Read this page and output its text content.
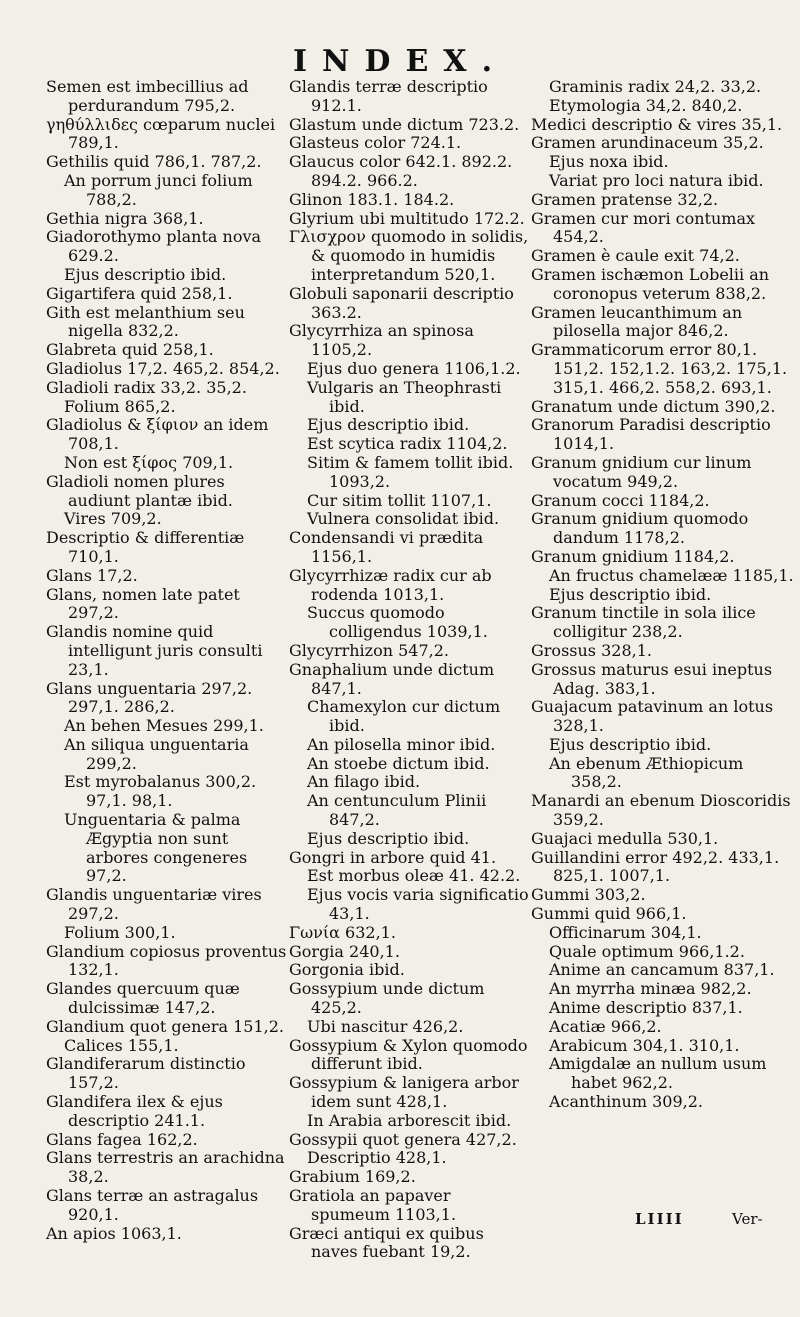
INDEX.
Semen est imbecillius ad perdurandum 795,2.
γηθύλλιδες cœparum nuclei 789,1.
Gethilis quid 786,1. 787,2.
An porrum junci folium 788,2.
Gethia nigra 368,1.
Giadorothymo planta nova 629.2.
Ejus descriptio ibid.
Gigartifera quid 258,1.
Gith est melanthium seu nigella 832,2.
Glabreta quid 258,1.
Gladiolus 17,2. 465,2. 854,2.
Gladioli radix 33,2. 35,2.
Folium 865,2.
Gladiolus & ξίφιον an idem 708,1.
Non est ξίφος 709,1.
Gladioli nomen plures audiunt plantæ ibid.
Vires 709,2.
Descriptio & differentiæ 710,1.
Glans 17,2.
Glans, nomen late patet 297,2.
Glandis nomine quid intelligunt juris consulti 23,1.
Glans unguentaria 297,2. 297,1. 286,2.
An behen Mesues 299,1.
An siliqua unguentaria 299,2.
Est myrobalanus 300,2. 97,1. 98,1.
Unguentaria & palma Ægyptia non sunt arbores congeneres 97,2.
Glandis unguentariæ vires 297,2.
Folium 300,1.
Glandium copiosus proventus 132,1.
Glandes quercuum quæ dulcissimæ 147,2.
Glandium quot genera 151,2.
Calices 155,1.
Glandiferarum distinctio 157,2.
Glandifera ilex & ejus descriptio 241.1.
Glans fagea 162,2.
Glans terrestris an arachidna 38,2.
Glans terræ an astragalus 920,1.
An apios 1063,1.
Glandis terræ descriptio 912.1.
Glastum unde dictum 723.2.
Glasteus color 724.1.
Glaucus color 642.1. 892.2. 894.2. 966.2.
Glinon 183.1. 184.2.
Glyrium ubi multitudo 172.2.
Γλισχρον quomodo in solidis, & quomodo in humidis interpretandum 520,1.
Globuli saponarii descriptio 363.2.
Glycyrrhiza an spinosa 1105,2.
Ejus duo genera 1106,1.2.
Vulgaris an Theophrasti ibid.
Ejus descriptio ibid.
Est scytica radix 1104,2.
Sitim & famem tollit ibid. 1093,2.
Cur sitim tollit 1107,1.
Vulnera consolidat ibid.
Condensandi vi prædita 1156,1.
Glycyrrhizæ radix cur ab rodenda 1013,1.
Succus quomodo colligendus 1039,1.
Glycyrrhizon 547,2.
Gnaphalium unde dictum 847,1.
Chamexylon cur dictum ibid.
An pilosella minor ibid.
An stoebe dictum ibid.
An filago ibid.
An centunculum Plinii 847,2.
Ejus descriptio ibid.
Gongri in arbore quid 41.
Est morbus oleæ 41. 42.2.
Ejus vocis varia significatio 43,1.
Γωνία 632,1.
Gorgia 240,1.
Gorgonia ibid.
Gossypium unde dictum 425,2.
Ubi nascitur 426,2.
Gossypium & Xylon quomodo differunt ibid.
Gossypium & lanigera arbor idem sunt 428,1.
In Arabia arborescit ibid.
Gossypii quot genera 427,2.
Descriptio 428,1.
Grabium 169,2.
Gratiola an papaver spumeum 1103,1.
Græci antiqui ex quibus naves fuebant 19,2.
Graminis radix 24,2. 33,2.
Etymologia 34,2. 840,2.
Medici descriptio & vires 35,1.
Gramen arundinaceum 35,2.
Ejus noxa ibid.
Variat pro loci natura ibid.
Gramen pratense 32,2.
Gramen cur mori contumax 454,2.
Gramen è caule exit 74,2.
Gramen ischæmon Lobelii an coronopus veterum 838,2.
Gramen leucanthimum an pilosella major 846,2.
Grammaticorum error 80,1. 151,2. 152,1.2. 163,2. 175,1. 315,1. 466,2. 558,2. 693,1.
Granatum unde dictum 390,2.
Granorum Paradisi descriptio 1014,1.
Granum gnidium cur linum vocatum 949,2.
Granum cocci 1184,2.
Granum gnidium quomodo dandum 1178,2.
Granum gnidium 1184,2.
An fructus chamelææ 1185,1.
Ejus descriptio ibid.
Granum tinctile in sola ilice colligitur 238,2.
Grossus 328,1.
Grossus maturus esui ineptus Adag. 383,1.
Guajacum patavinum an lotus 328,1.
Ejus descriptio ibid.
An ebenum Æthiopicum 358,2.
Manardi an ebenum Dioscoridis 359,2.
Guajaci medulla 530,1.
Guillandini error 492,2. 433,1. 825,1. 1007,1.
Gummi 303,2.
Gummi quid 966,1.
Officinarum 304,1.
Quale optimum 966,1.2.
Anime an cancamum 837,1.
An myrrha minæa 982,2.
Anime descriptio 837,1.
Acatiæ 966,2.
Arabicum 304,1. 310,1.
Amigdalæ an nullum usum habet 962,2.
Acanthinum 309,2.
LIIII	Ver-
